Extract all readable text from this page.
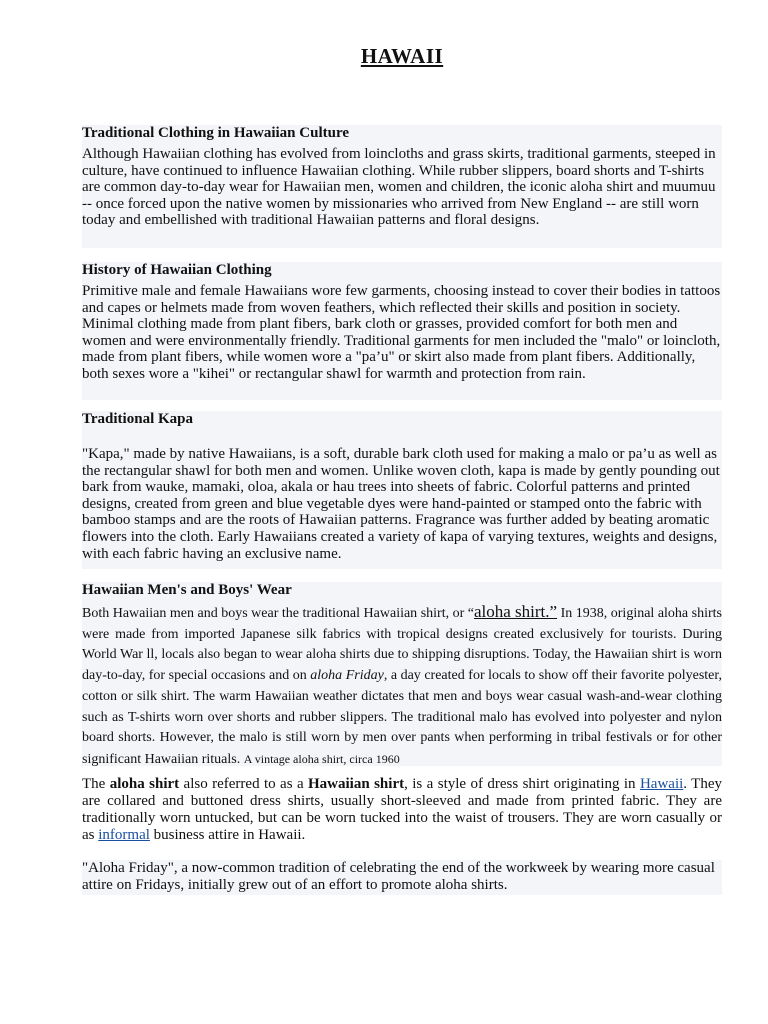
HAWAII
Traditional Clothing in Hawaiian Culture

Although Hawaiian clothing has evolved from loincloths and grass skirts, traditional garments, steeped in culture, have continued to influence Hawaiian clothing. While rubber slippers, board shorts and T-shirts are common day-to-day wear for Hawaiian men, women and children, the iconic aloha shirt and muumuu -- once forced upon the native women by missionaries who arrived from New England -- are still worn today and embellished with traditional Hawaiian patterns and floral designs.

History of Hawaiian Clothing

Primitive male and female Hawaiians wore few garments, choosing instead to cover their bodies in tattoos and capes or helmets made from woven feathers, which reflected their skills and position in society. Minimal clothing made from plant fibers, bark cloth or grasses, provided comfort for both men and women and were environmentally friendly. Traditional garments for men included the "malo" or loincloth, made from plant fibers, while women wore a "pa’u" or skirt also made from plant fibers. Additionally, both sexes wore a "kihei" or rectangular shawl for warmth and protection from rain.

Traditional Kapa

"Kapa," made by native Hawaiians, is a soft, durable bark cloth used for making a malo or pa’u as well as the rectangular shawl for both men and women. Unlike woven cloth, kapa is made by gently pounding out bark from wauke, mamaki, oloa, akala or hau trees into sheets of fabric. Colorful patterns and printed designs, created from green and blue vegetable dyes were hand-painted or stamped onto the fabric with bamboo stamps and are the roots of Hawaiian patterns. Fragrance was further added by beating aromatic flowers into the cloth. Early Hawaiians created a variety of kapa of varying textures, weights and designs, with each fabric having an exclusive name.

Hawaiian Men's and Boys' Wear

Both Hawaiian men and boys wear the traditional Hawaiian shirt, or “aloha shirt.” In 1938, original aloha shirts were made from imported Japanese silk fabrics with tropical designs created exclusively for tourists. During World War ll, locals also began to wear aloha shirts due to shipping disruptions. Today, the Hawaiian shirt is worn day-to-day, for special occasions and on aloha Friday, a day created for locals to show off their favorite polyester, cotton or silk shirt. The warm Hawaiian weather dictates that men and boys wear casual wash-and-wear clothing such as T-shirts worn over shorts and rubber slippers. The traditional malo has evolved into polyester and nylon board shorts. However, the malo is still worn by men over pants when performing in tribal festivals or for other significant Hawaiian rituals. A vintage aloha shirt, circa 1960

The aloha shirt also referred to as a Hawaiian shirt, is a style of dress shirt originating in Hawaii. They are collared and buttoned dress shirts, usually short-sleeved and made from printed fabric. They are traditionally worn untucked, but can be worn tucked into the waist of trousers. They are worn casually or as informal business attire in Hawaii.

"Aloha Friday", a now-common tradition of celebrating the end of the workweek by wearing more casual attire on Fridays, initially grew out of an effort to promote aloha shirts.
